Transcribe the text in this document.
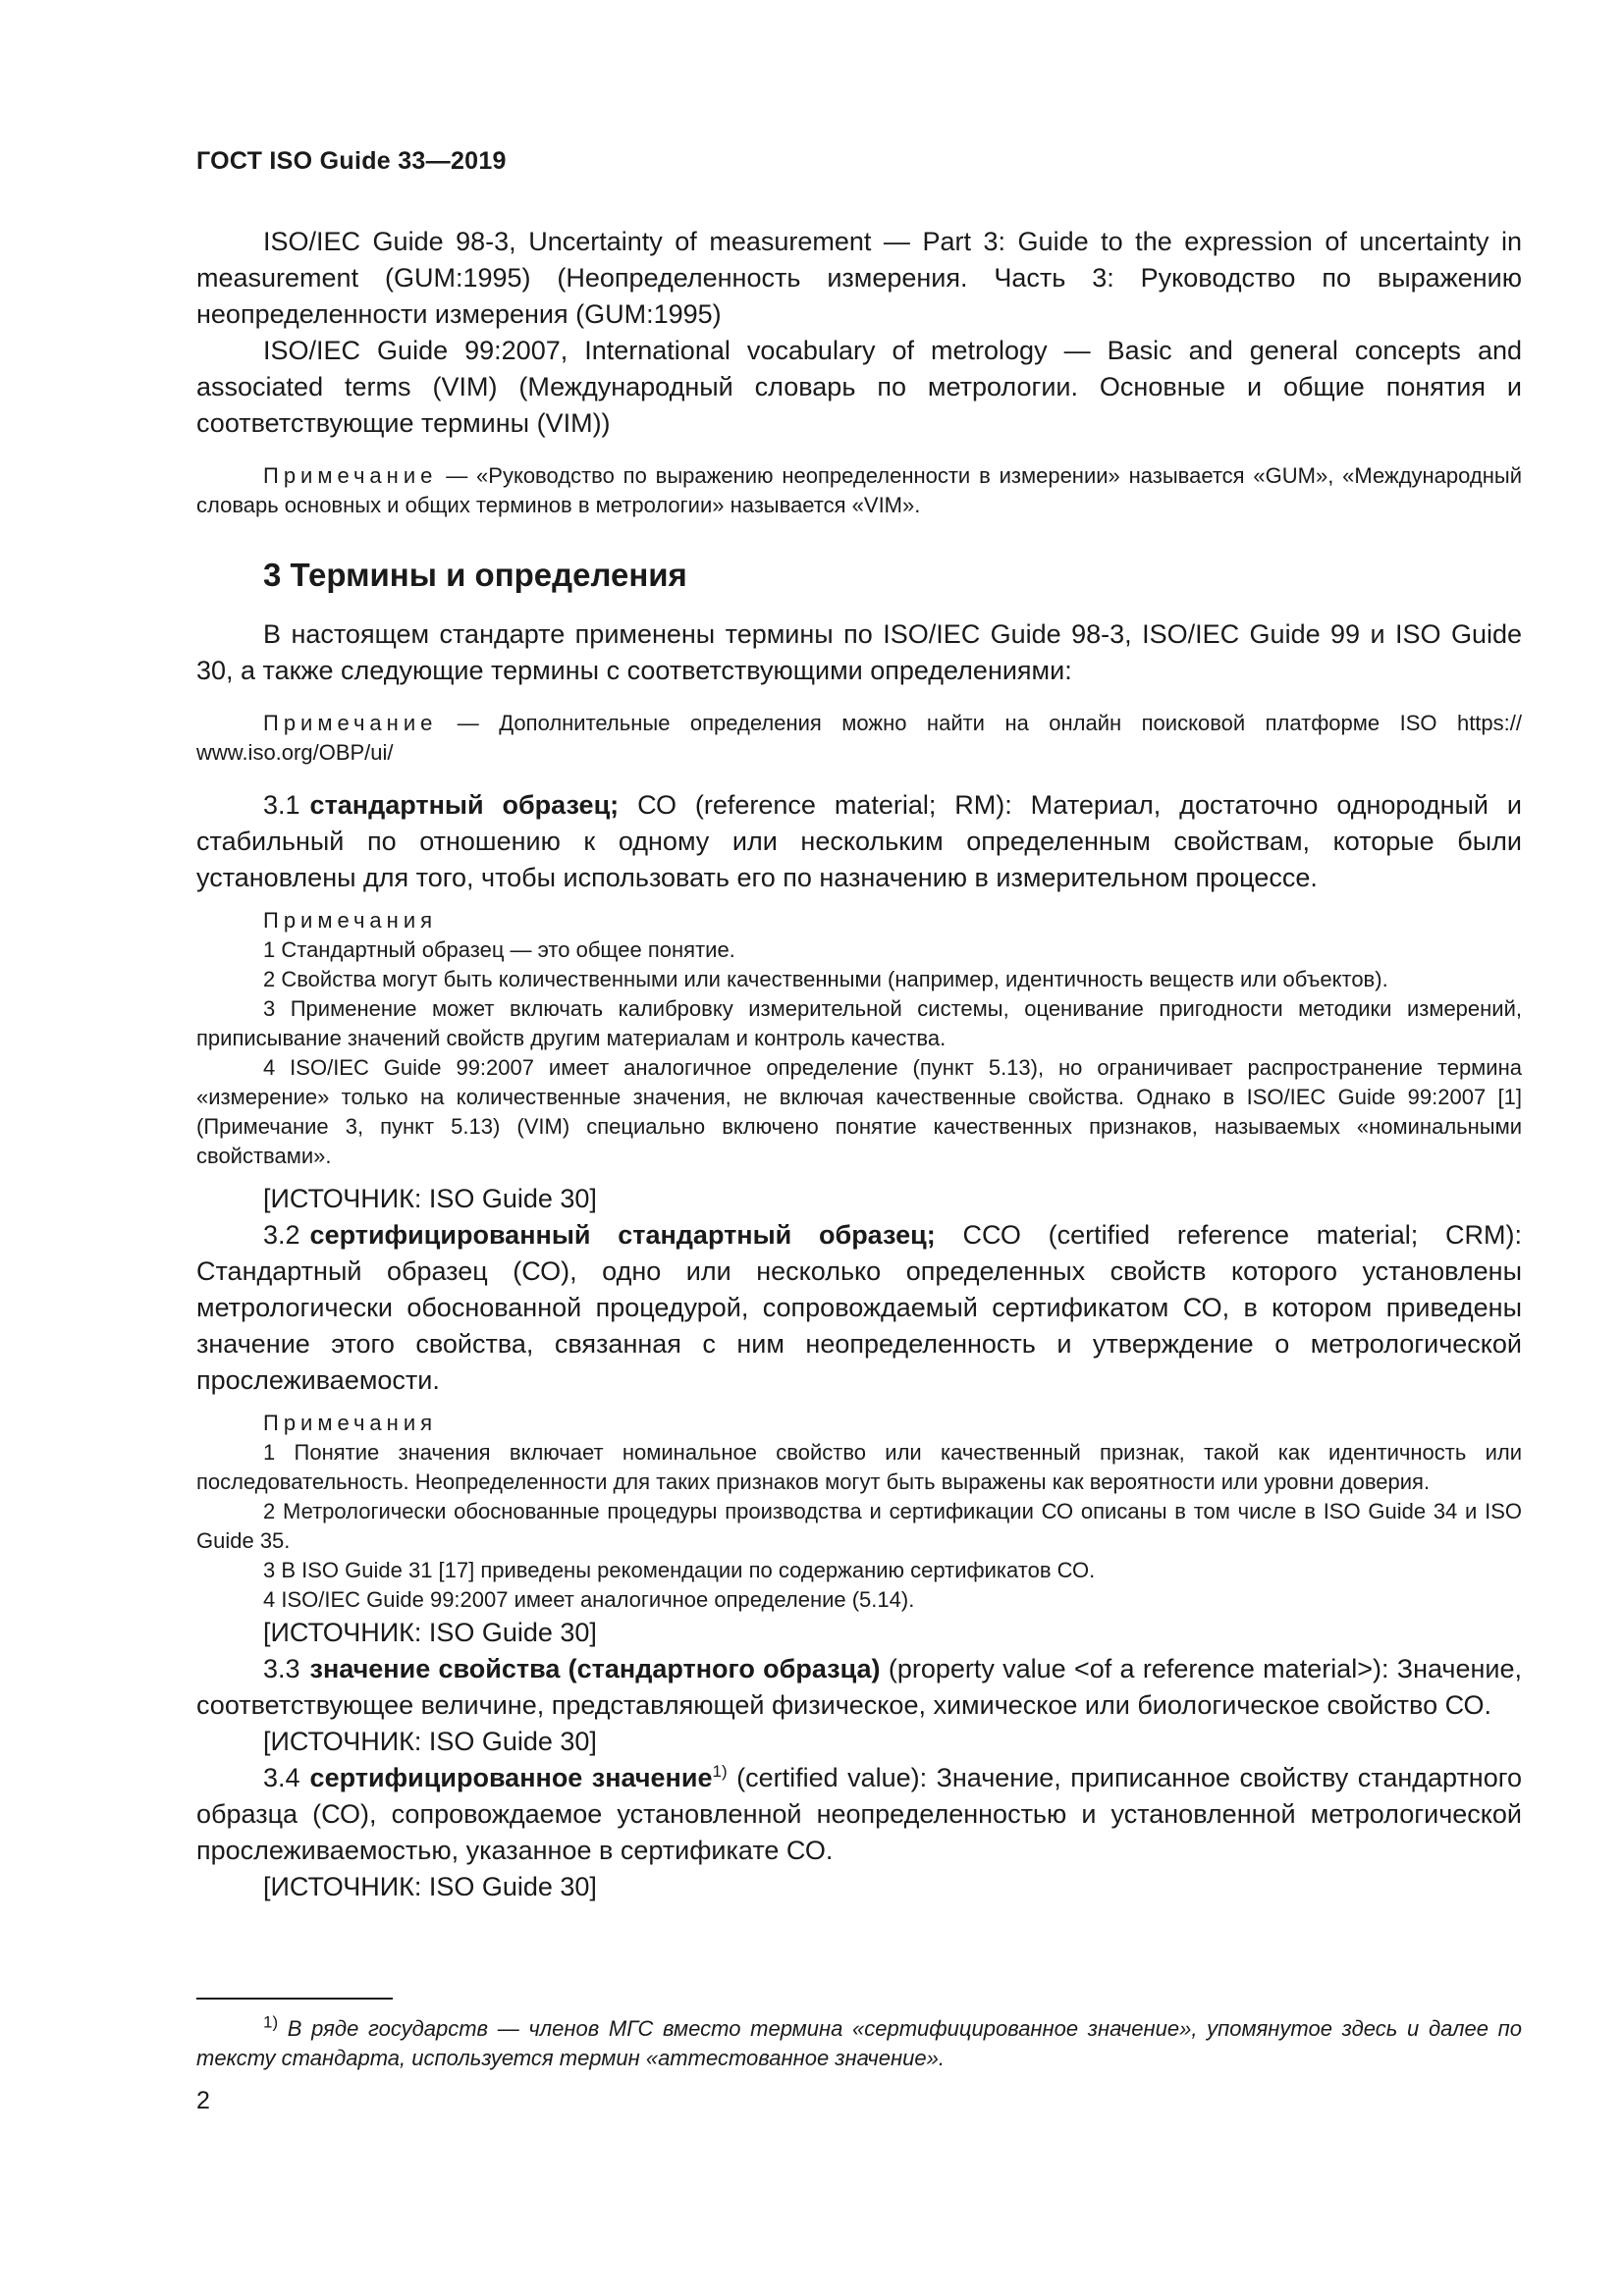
ГОСТ ISO Guide 33—2019

ISO/IEC Guide 98-3, Uncertainty of measurement — Part 3: Guide to the expression of uncertainty in measurement (GUM:1995) (Неопределенность измерения. Часть 3: Руководство по выражению неопределенности измерения (GUM:1995)

ISO/IEC Guide 99:2007, International vocabulary of metrology — Basic and general concepts and associated terms (VIM) (Международный словарь по метрологии. Основные и общие понятия и соответствующие термины (VIM))

Примечание — «Руководство по выражению неопределенности в измерении» называется «GUM», «Международный словарь основных и общих терминов в метрологии» называется «VIM».

3 Термины и определения

В настоящем стандарте применены термины по ISO/IEC Guide 98-3, ISO/IEC Guide 99 и ISO Guide 30, а также следующие термины с соответствующими определениями:

Примечание — Дополнительные определения можно найти на онлайн поисковой платформе ISO https:// www.iso.org/OBP/ui/

3.1 стандартный образец; СО (reference material; RM): Материал, достаточно однородный и стабильный по отношению к одному или нескольким определенным свойствам, которые были установлены для того, чтобы использовать его по назначению в измерительном процессе.

Примечания

1 Стандартный образец — это общее понятие.

2 Свойства могут быть количественными или качественными (например, идентичность веществ или объектов).

3 Применение может включать калибровку измерительной системы, оценивание пригодности методики измерений, приписывание значений свойств другим материалам и контроль качества.

4 ISO/IEC Guide 99:2007 имеет аналогичное определение (пункт 5.13), но ограничивает распространение термина «измерение» только на количественные значения, не включая качественные свойства. Однако в ISO/IEC Guide 99:2007 [1] (Примечание 3, пункт 5.13) (VIM) специально включено понятие качественных признаков, называемых «номинальными свойствами».

[ИСТОЧНИК: ISO Guide 30]

3.2 сертифицированный стандартный образец; ССО (certified reference material; CRM): Стандартный образец (СО), одно или несколько определенных свойств которого установлены метрологически обоснованной процедурой, сопровождаемый сертификатом СО, в котором приведены значение этого свойства, связанная с ним неопределенность и утверждение о метрологической прослеживаемости.

Примечания

1 Понятие значения включает номинальное свойство или качественный признак, такой как идентичность или последовательность. Неопределенности для таких признаков могут быть выражены как вероятности или уровни доверия.

2 Метрологически обоснованные процедуры производства и сертификации СО описаны в том числе в ISO Guide 34 и ISO Guide 35.

3 В ISO Guide 31 [17] приведены рекомендации по содержанию сертификатов СО.

4 ISO/IEC Guide 99:2007 имеет аналогичное определение (5.14).

[ИСТОЧНИК: ISO Guide 30]

3.3 значение свойства (стандартного образца) (property value <of a reference material>): Значение, соответствующее величине, представляющей физическое, химическое или биологическое свойство СО.

[ИСТОЧНИК: ISO Guide 30]

3.4 сертифицированное значение$^{1)}$ (certified value): Значение, приписанное свойству стандартного образца (СО), сопровождаемое установленной неопределенностью и установленной метрологической прослеживаемостью, указанное в сертификате СО.

[ИСТОЧНИК: ISO Guide 30]

$^{1)}$ В ряде государств — членов МГС вместо термина «сертифицированное значение», упомянутое здесь и далее по тексту стандарта, используется термин «аттестованное значение».

2
